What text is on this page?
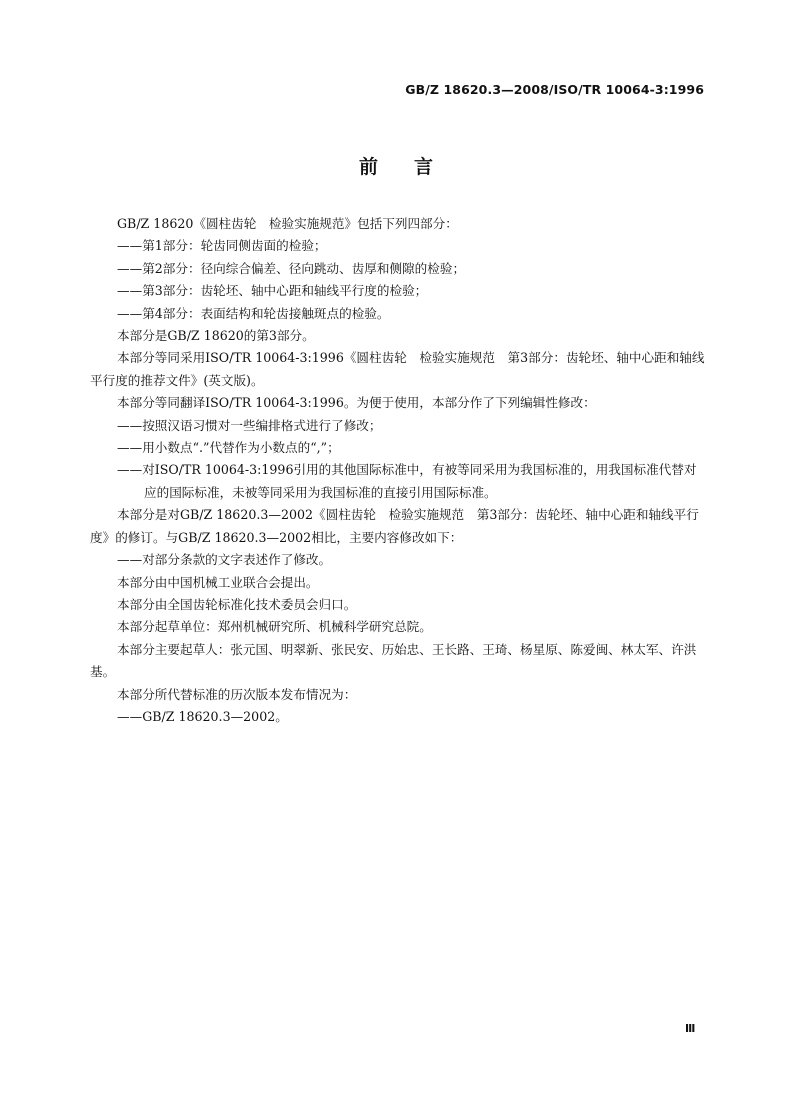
GB/Z 18620.3—2008/ISO/TR 10064-3:1996
前言

GB/Z 18620《圆柱齿轮　检验实施规范》包括下列四部分：

——第1部分：轮齿同侧齿面的检验；

——第2部分：径向综合偏差、径向跳动、齿厚和侧隙的检验；

——第3部分：齿轮坯、轴中心距和轴线平行度的检验；

——第4部分：表面结构和轮齿接触斑点的检验。

本部分是GB/Z 18620的第3部分。

本部分等同采用ISO/TR 10064-3:1996《圆柱齿轮　检验实施规范　第3部分：齿轮坯、轴中心距和轴线平行度的推荐文件》(英文版)。

本部分等同翻译ISO/TR 10064-3:1996。为便于使用，本部分作了下列编辑性修改：

——按照汉语习惯对一些编排格式进行了修改；

——用小数点“.”代替作为小数点的“,”；

——对ISO/TR 10064-3:1996引用的其他国际标准中，有被等同采用为我国标准的，用我国标准代替对应的国际标准，未被等同采用为我国标准的直接引用国际标准。

本部分是对GB/Z 18620.3—2002《圆柱齿轮　检验实施规范　第3部分：齿轮坯、轴中心距和轴线平行度》的修订。与GB/Z 18620.3—2002相比，主要内容修改如下：

——对部分条款的文字表述作了修改。

本部分由中国机械工业联合会提出。

本部分由全国齿轮标准化技术委员会归口。

本部分起草单位：郑州机械研究所、机械科学研究总院。

本部分主要起草人：张元国、明翠新、张民安、历始忠、王长路、王琦、杨星原、陈爱闽、林太军、许洪基。

本部分所代替标准的历次版本发布情况为：

——GB/Z 18620.3—2002。

Ⅲ
